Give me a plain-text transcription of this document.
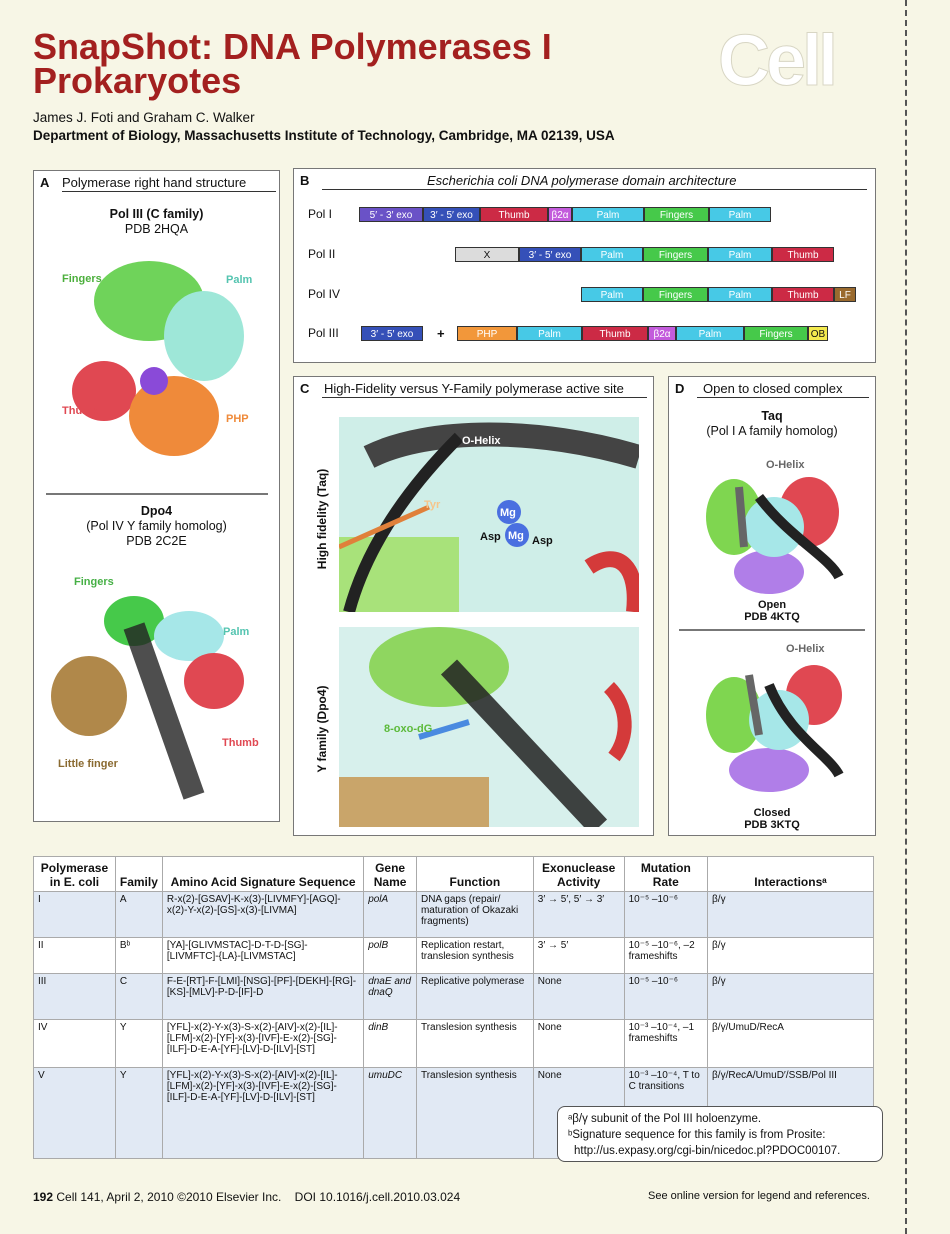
SnapShot: DNA Polymerases I Prokaryotes
James J. Foti and Graham C. Walker
Department of Biology, Massachusetts Institute of Technology, Cambridge, MA 02139, USA
Cell
A Polymerase right hand structure
Pol III (C family)
PDB 2HQA
Fingers	Palm
Thumb
PHP
Dpo4
(Pol IV Y family homolog)
PDB 2C2E
Fingers
Palm
Thumb
Little finger
B	Escherichia coli DNA polymerase domain architecture
Pol I	5′ - 3′ exo	3′ - 5′ exo	Thumb	β2α	Palm	Fingers	Palm
Pol II	X	3′ - 5′ exo	Palm	Fingers	Palm	Thumb
Pol IV	Palm	Fingers	Palm	Thumb	LF
Pol III	3′ - 5′ exo	+	PHP	Palm	Thumb	β2α	Palm	Fingers	OB
C High-Fidelity versus Y-Family polymerase active site
High fidelity (Taq)
O-Helix
Tyr
Mg
Mg
Asp	Asp
Y family (Dpo4)	8-oxo-dG
D Open to closed complex
Taq
(Pol I A family homolog)
O-Helix
Open
PDB 4KTQ
O-Helix
Closed
PDB 3KTQ
Polymerase in E. coli	Family	Amino Acid Signature Sequence	Gene Name	Function	Exonuclease Activity	Mutation Rate	Interactionsᵃ
I	A	R-x(2)-[GSAV]-K-x(3)-[LIVMFY]-[AGQ]-x(2)-Y-x(2)-[GS]-x(3)-[LIVMA]	polA	DNA gaps (repair/ maturation of Okazaki fragments)	3′ → 5′, 5′ → 3′	10⁻⁵ –10⁻⁶	β/γ
II	Bᵇ	[YA]-[GLIVMSTAC]-D-T-D-[SG]-[LIVMFTC]-{LA}-[LIVMSTAC]	polB	Replication restart, translesion synthesis	3′ → 5′	10⁻⁵ –10⁻⁶, –2 frameshifts	β/γ
III	C	F-E-[RT]-F-[LMI]-[NSG]-[PF]-[DEKH]-[RG]-[KS]-[MLV]-P-D-[IF]-D	dnaE and dnaQ	Replicative polymerase	None	10⁻⁵ –10⁻⁶	β/γ
IV	Y	[YFL]-x(2)-Y-x(3)-S-x(2)-[AIV]-x(2)-[IL]-[LFM]-x(2)-[YF]-x(3)-[IVF]-E-x(2)-[SG]-[ILF]-D-E-A-[YF]-[LV]-D-[ILV]-[ST]	dinB	Translesion synthesis	None	10⁻³ –10⁻⁴, –1 frameshifts	β/γ/UmuD/RecA
V	Y	[YFL]-x(2)-Y-x(3)-S-x(2)-[AIV]-x(2)-[IL]-[LFM]-x(2)-[YF]-x(3)-[IVF]-E-x(2)-[SG]-[ILF]-D-E-A-[YF]-[LV]-D-[ILV]-[ST]	umuDC	Translesion synthesis	None	10⁻³ –10⁻⁴, T to C transitions	β/γ/RecA/UmuD′/SSB/Pol III
ᵃβ/γ subunit of the Pol III holoenzyme.
ᵇSignature sequence for this family is from Prosite:
http://us.expasy.org/cgi-bin/nicedoc.pl?PDOC00107.
192 Cell 141, April 2, 2010 ©2010 Elsevier Inc.    DOI 10.1016/j.cell.2010.03.024	See online version for legend and references.
